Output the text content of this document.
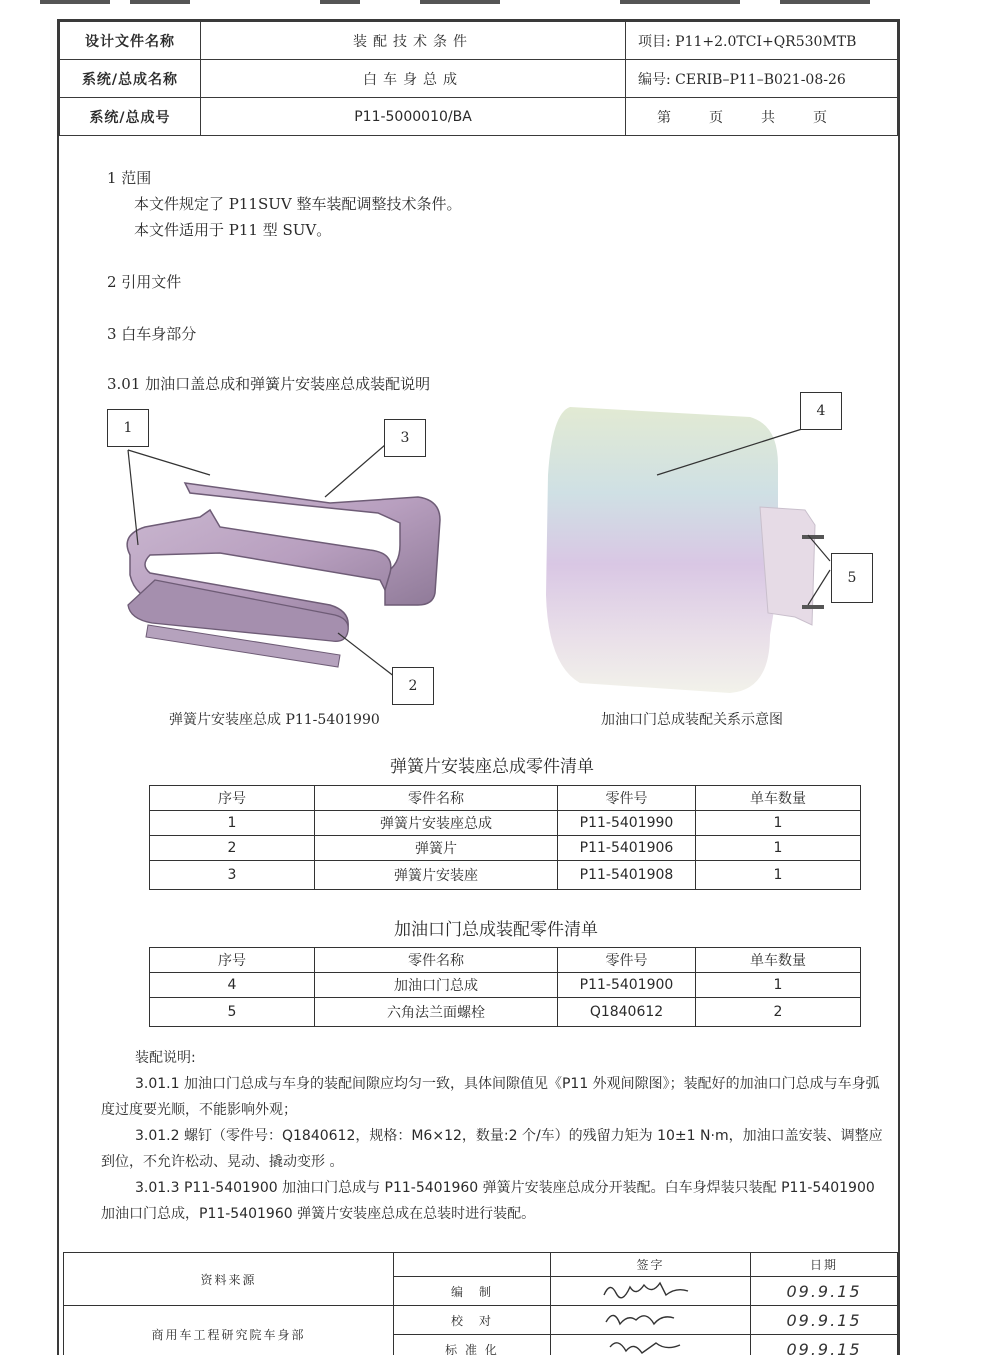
设计文件名称	装配技术条件	项目: P11+2.0TCI+QR530MTB
系统/总成名称	白车身总成	编号: CERIB–P11–B021-08-26
系统/总成号	P11-5000010/BA	第 页 共 页
1 范围
本文件规定了 P11SUV 整车装配调整技术条件。
本文件适用于 P11 型 SUV。
2 引用文件
3 白车身部分
3.01 加油口盖总成和弹簧片安装座总成装配说明
1
3
2
4
5
弹簧片安装座总成 P11-5401990	加油口门总成装配关系示意图
弹簧片安装座总成零件清单
序号	零件名称	零件号	单车数量
1	弹簧片安装座总成	P11-5401990	1
2	弹簧片	P11-5401906	1
3	弹簧片安装座	P11-5401908	1
加油口门总成装配零件清单
序号	零件名称	零件号	单车数量
4	加油口门总成	P11-5401900	1
5	六角法兰面螺栓	Q1840612	2
装配说明:
3.01.1 加油口门总成与车身的装配间隙应均匀一致，具体间隙值见《P11 外观间隙图》；装配好的加油口门总成与车身弧度过度要光顺，不能影响外观；
3.01.2 螺钉（零件号：Q1840612，规格：M6×12，数量:2 个/车）的残留力矩为 10±1 N·m，加油口盖安装、调整应到位，不允许松动、晃动、撬动变形 。
3.01.3 P11-5401900 加油口门总成与 P11-5401960 弹簧片安装座总成分开装配。白车身焊装只装配 P11-5401900 加油口门总成，P11-5401960 弹簧片安装座总成在总装时进行装配。
资料来源		签字	日期
	编　制		09.9.15
商用车工程研究院车身部	校　对		09.9.15
	标 准 化		09.9.15
